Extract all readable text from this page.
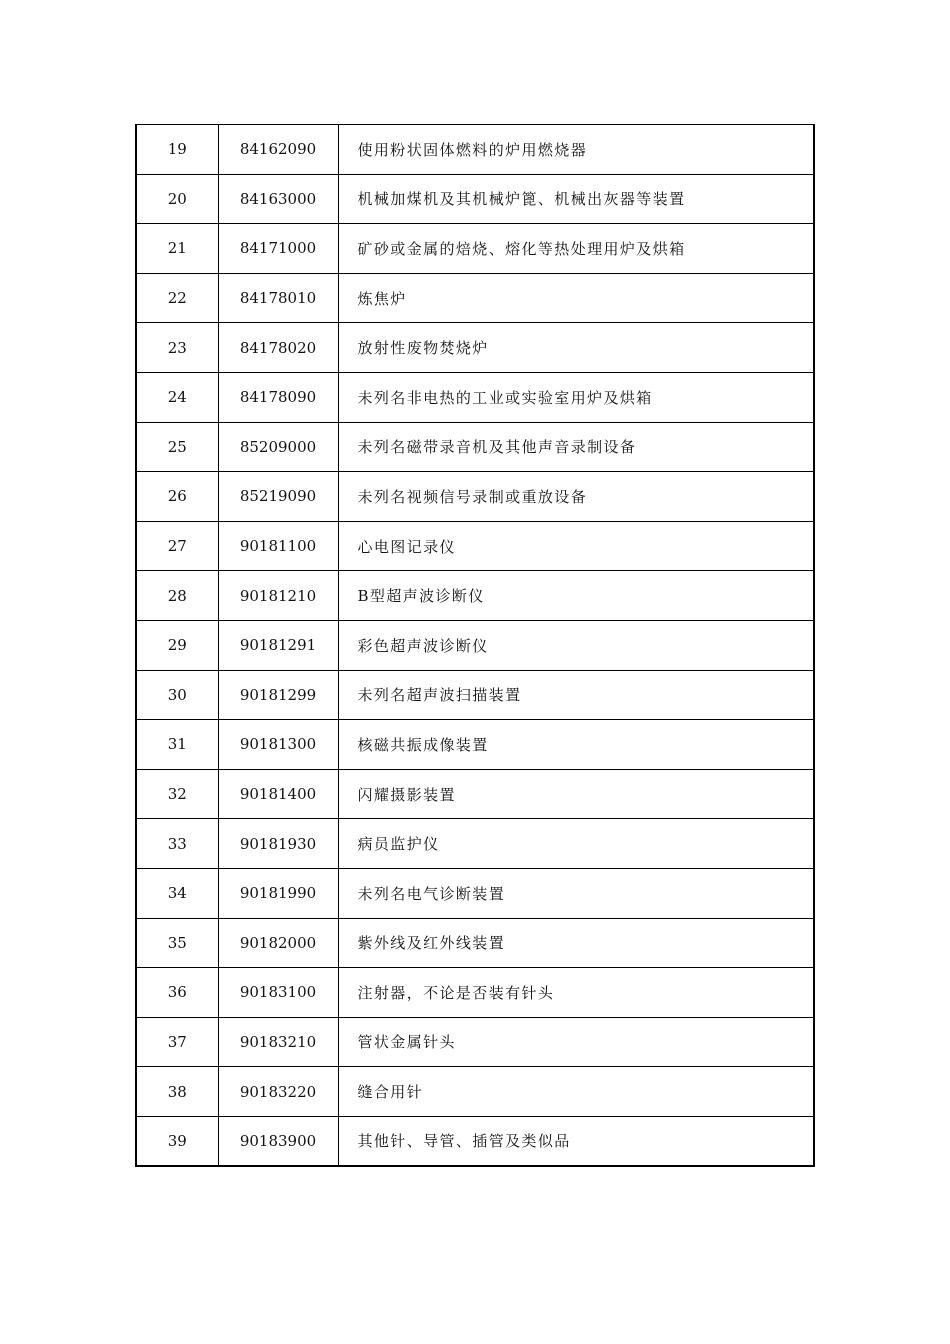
19	84162090	使用粉状固体燃料的炉用燃烧器
20	84163000	机械加煤机及其机械炉篦、机械出灰器等装置
21	84171000	矿砂或金属的焙烧、熔化等热处理用炉及烘箱
22	84178010	炼焦炉
23	84178020	放射性废物焚烧炉
24	84178090	未列名非电热的工业或实验室用炉及烘箱
25	85209000	未列名磁带录音机及其他声音录制设备
26	85219090	未列名视频信号录制或重放设备
27	90181100	心电图记录仪
28	90181210	B型超声波诊断仪
29	90181291	彩色超声波诊断仪
30	90181299	未列名超声波扫描装置
31	90181300	核磁共振成像装置
32	90181400	闪耀摄影装置
33	90181930	病员监护仪
34	90181990	未列名电气诊断装置
35	90182000	紫外线及红外线装置
36	90183100	注射器，不论是否装有针头
37	90183210	管状金属针头
38	90183220	缝合用针
39	90183900	其他针、导管、插管及类似品
